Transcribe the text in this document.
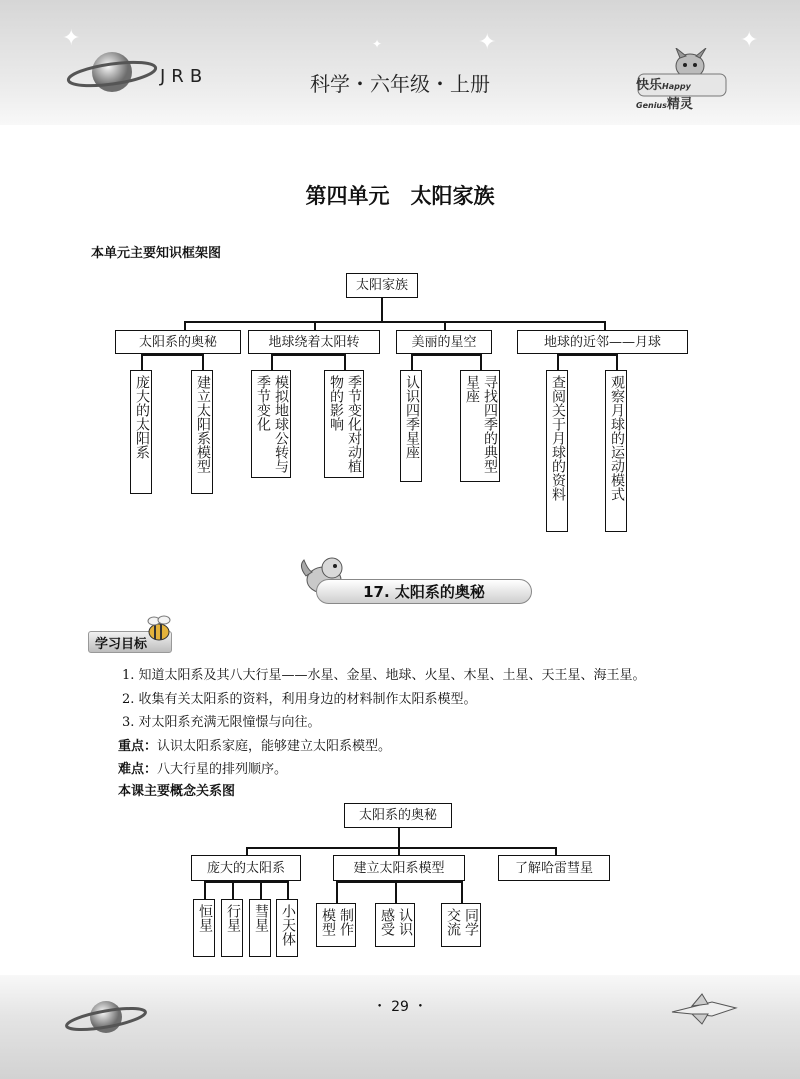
✦	✦	✦
✦
JRB	科学・六年级・上册	快乐Happy
Genius精灵
第四单元　太阳家族
本单元主要知识框架图
太阳家族
太阳系的奥秘	地球绕着太阳转	美丽的星空	地球的近邻——月球
庞大的太阳系	建立太阳系模型	模拟地球公转与季节变化	季节变化对动植物的影响	认识四季星座	寻找四季的典型星座	查阅关于月球的资料	观察月球的运动模式
17. 太阳系的奥秘
学习目标
1. 知道太阳系及其八大行星——水星、金星、地球、火星、木星、土星、天王星、海王星。
2. 收集有关太阳系的资料，利用身边的材料制作太阳系模型。
3. 对太阳系充满无限憧憬与向往。
重点：认识太阳系家庭，能够建立太阳系模型。
难点：八大行星的排列顺序。
本课主要概念关系图
太阳系的奥秘
庞大的太阳系	建立太阳系模型	了解哈雷彗星
恒星 行星 彗星 小天体	制作模型	认识感受	同学交流
・ 29 ・
